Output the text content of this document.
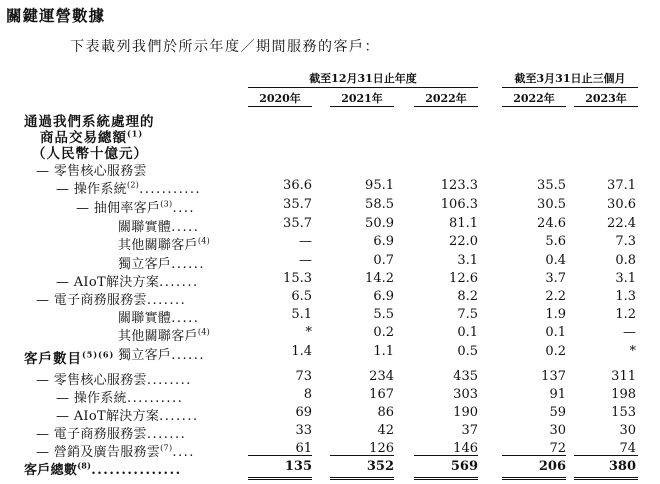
關鍵運營數據
下表載列我們於所示年度／期間服務的客戶：
截至12月31日止年度	截至3月31日止三個月
2020年	2021年	2022年	2022年	2023年
通過我們系統處理的
商品交易總額$^{(1)}$
（人民幣十億元）
— 零售核心服務雲
— 操作系統$^{(2)}$...........	36.6	95.1	123.3	35.5	37.1
— 抽佣率客戶$^{(3)}$....	35.7	58.5	106.3	30.5	30.6
關聯實體.....	35.7	50.9	81.1	24.6	22.4
其他關聯客戶$^{(4)}$	—	6.9	22.0	5.6	7.3
獨立客戶......	—	0.7	3.1	0.4	0.8
— AIoT解決方案.......	15.3	14.2	12.6	3.7	3.1
— 電子商務服務雲.......	6.5	6.9	8.2	2.2	1.3
關聯實體.....	5.1	5.5	7.5	1.9	1.2
其他關聯客戶$^{(4)}$	*	0.2	0.1	0.1	—
獨立客戶......	1.4	1.1	0.5	0.2	*
客戶數目$^{(5)(6)}$
— 零售核心服務雲........	73	234	435	137	311
— 操作系統..........	8	167	303	91	198
— AIoT解決方案.......	69	86	190	59	153
— 電子商務服務雲.......	33	42	37	30	30
— 營銷及廣告服務雲$^{(7)}$....	61	126	146	72	74
客戶總數$^{(8)}$...............	135	352	569	206	380
